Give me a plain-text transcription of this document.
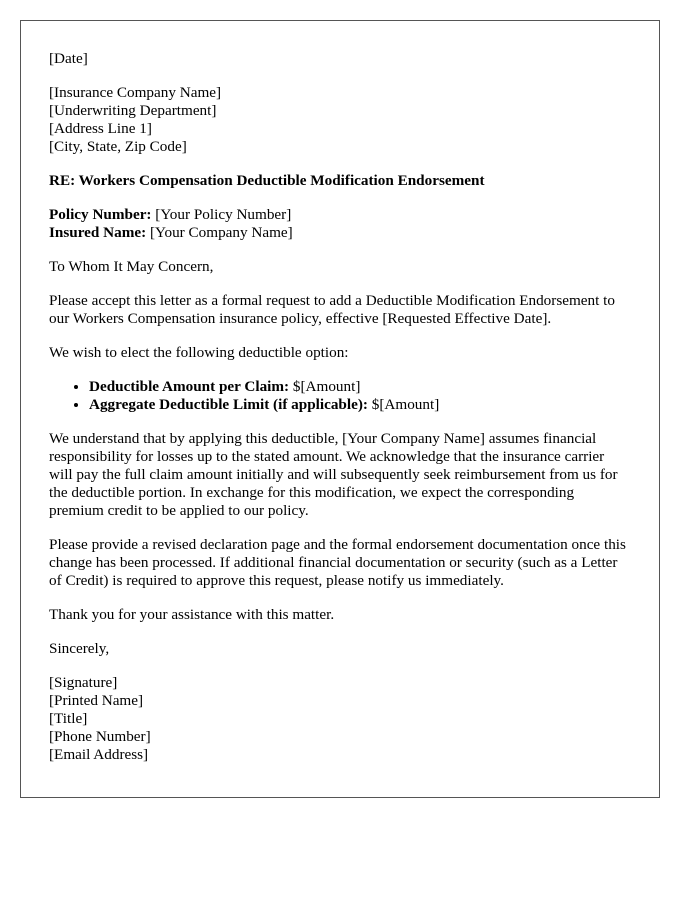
[Date]

[Insurance Company Name]
[Underwriting Department]
[Address Line 1]
[City, State, Zip Code]

RE: Workers Compensation Deductible Modification Endorsement

Policy Number: [Your Policy Number]
Insured Name: [Your Company Name]

To Whom It May Concern,

Please accept this letter as a formal request to add a Deductible Modification Endorsement to our Workers Compensation insurance policy, effective [Requested Effective Date].

We wish to elect the following deductible option:

• Deductible Amount per Claim: $[Amount]
• Aggregate Deductible Limit (if applicable): $[Amount]

We understand that by applying this deductible, [Your Company Name] assumes financial responsibility for losses up to the stated amount. We acknowledge that the insurance carrier will pay the full claim amount initially and will subsequently seek reimbursement from us for the deductible portion. In exchange for this modification, we expect the corresponding premium credit to be applied to our policy.

Please provide a revised declaration page and the formal endorsement documentation once this change has been processed. If additional financial documentation or security (such as a Letter of Credit) is required to approve this request, please notify us immediately.

Thank you for your assistance with this matter.

Sincerely,

[Signature]
[Printed Name]
[Title]
[Phone Number]
[Email Address]
